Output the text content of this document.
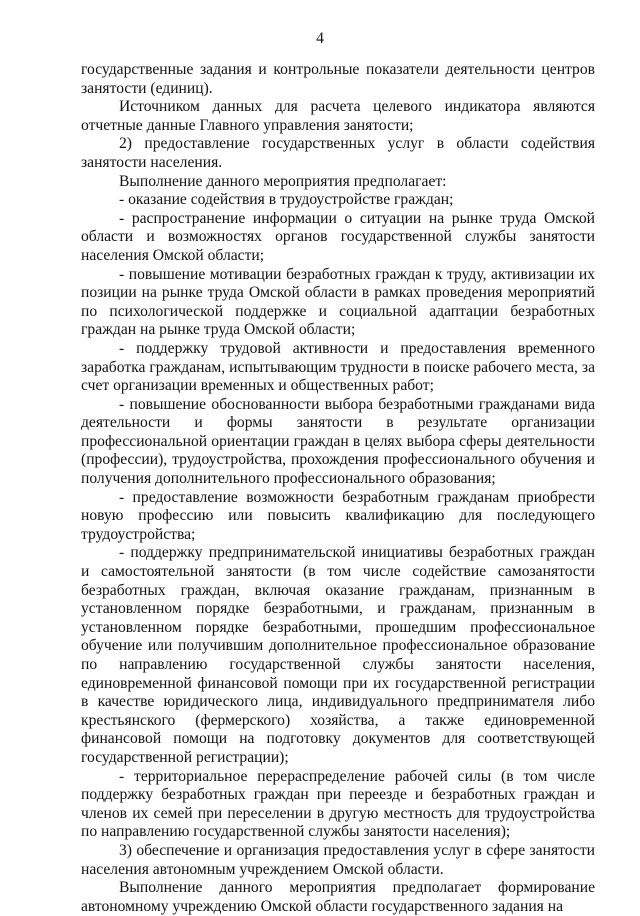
4

государственные задания и контрольные показатели деятельности центров занятости (единиц).

Источником данных для расчета целевого индикатора являются отчетные данные Главного управления занятости;

2) предоставление государственных услуг в области содействия занятости населения.

Выполнение данного мероприятия предполагает:

- оказание содействия в трудоустройстве граждан;

- распространение информации о ситуации на рынке труда Омской области и возможностях органов государственной службы занятости населения Омской области;

- повышение мотивации безработных граждан к труду, активизации их позиции на рынке труда Омской области в рамках проведения мероприятий по психологической поддержке и социальной адаптации безработных граждан на рынке труда Омской области;

- поддержку трудовой активности и предоставления временного заработка гражданам, испытывающим трудности в поиске рабочего места, за счет организации временных и общественных работ;

- повышение обоснованности выбора безработными гражданами вида деятельности и формы занятости в результате организации профессиональной ориентации граждан в целях выбора сферы деятельности (профессии), трудоустройства, прохождения профессионального обучения и получения дополнительного профессионального образования;

- предоставление возможности безработным гражданам приобрести новую профессию или повысить квалификацию для последующего трудоустройства;

- поддержку предпринимательской инициативы безработных граждан и самостоятельной занятости (в том числе содействие самозанятости безработных граждан, включая оказание гражданам, признанным в установленном порядке безработными, и гражданам, признанным в установленном порядке безработными, прошедшим профессиональное обучение или получившим дополнительное профессиональное образование по направлению государственной службы занятости населения, единовременной финансовой помощи при их государственной регистрации в качестве юридического лица, индивидуального предпринимателя либо крестьянского (фермерского) хозяйства, а также единовременной финансовой помощи на подготовку документов для соответствующей государственной регистрации);

- территориальное перераспределение рабочей силы (в том числе поддержку безработных граждан при переезде и безработных граждан и членов их семей при переселении в другую местность для трудоустройства по направлению государственной службы занятости населения);

3) обеспечение и организация предоставления услуг в сфере занятости населения автономным учреждением Омской области.

Выполнение данного мероприятия предполагает формирование автономному учреждению Омской области государственного задания на
